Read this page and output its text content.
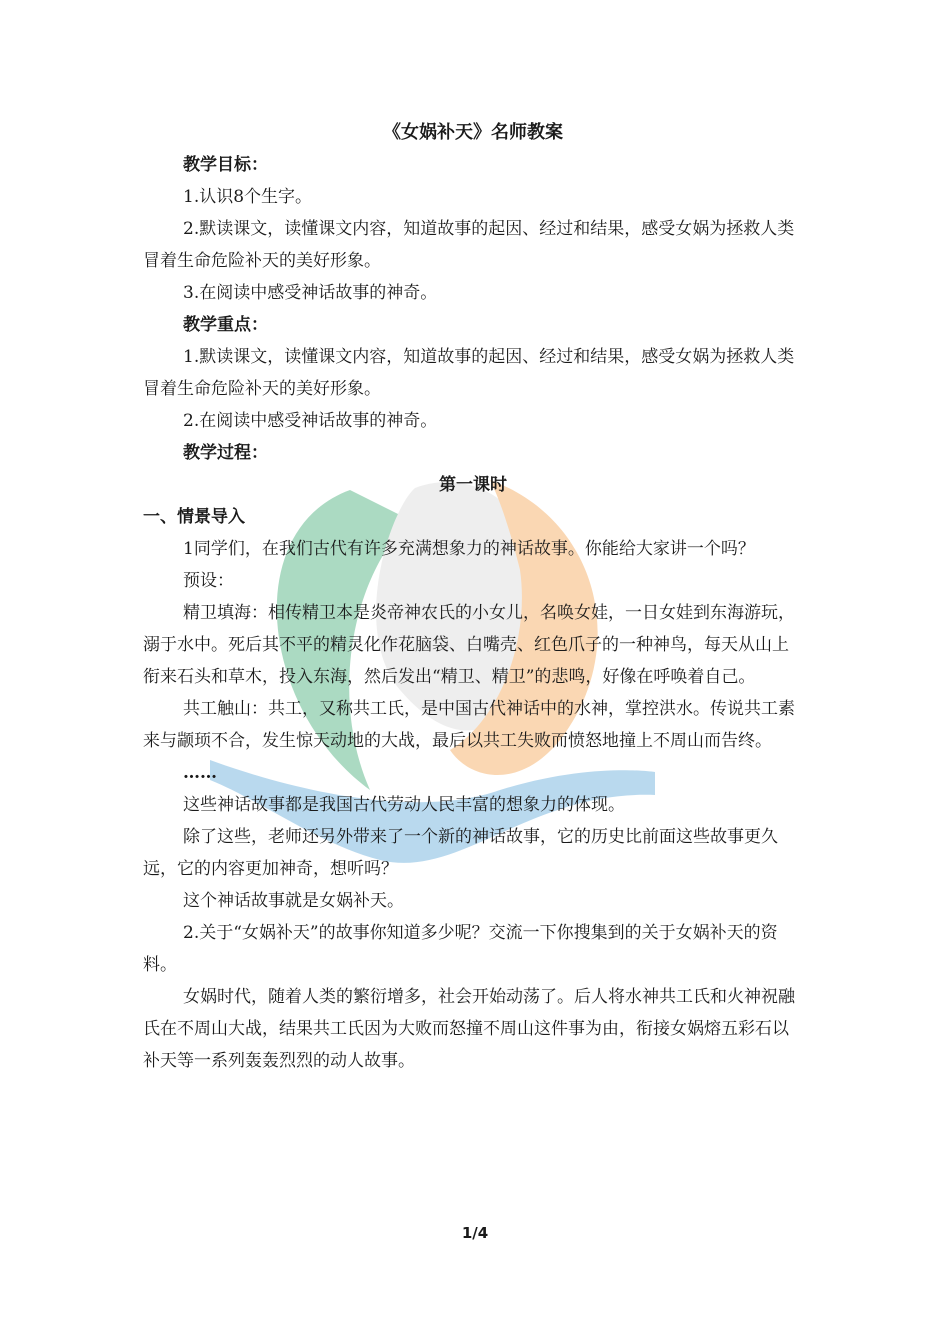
《女娲补天》名师教案

教学目标：

1.认识8个生字。

2.默读课文，读懂课文内容，知道故事的起因、经过和结果，感受女娲为拯救人类冒着生命危险补天的美好形象。

3.在阅读中感受神话故事的神奇。

教学重点：

1.默读课文，读懂课文内容，知道故事的起因、经过和结果，感受女娲为拯救人类冒着生命危险补天的美好形象。

2.在阅读中感受神话故事的神奇。

教学过程：

第一课时

一、情景导入

1同学们，在我们古代有许多充满想象力的神话故事。你能给大家讲一个吗？

预设：

精卫填海：相传精卫本是炎帝神农氏的小女儿，名唤女娃，一日女娃到东海游玩，溺于水中。死后其不平的精灵化作花脑袋、白嘴壳、红色爪子的一种神鸟，每天从山上衔来石头和草木，投入东海，然后发出“精卫、精卫”的悲鸣，好像在呼唤着自己。

共工触山：共工，又称共工氏，是中国古代神话中的水神，掌控洪水。传说共工素来与颛顼不合，发生惊天动地的大战，最后以共工失败而愤怒地撞上不周山而告终。

……

这些神话故事都是我国古代劳动人民丰富的想象力的体现。

除了这些，老师还另外带来了一个新的神话故事，它的历史比前面这些故事更久远，它的内容更加神奇，想听吗？

这个神话故事就是女娲补天。

2.关于“女娲补天”的故事你知道多少呢？交流一下你搜集到的关于女娲补天的资料。

女娲时代，随着人类的繁衍增多，社会开始动荡了。后人将水神共工氏和火神祝融氏在不周山大战，结果共工氏因为大败而怒撞不周山这件事为由，衔接女娲熔五彩石以补天等一系列轰轰烈烈的动人故事。

1/4
